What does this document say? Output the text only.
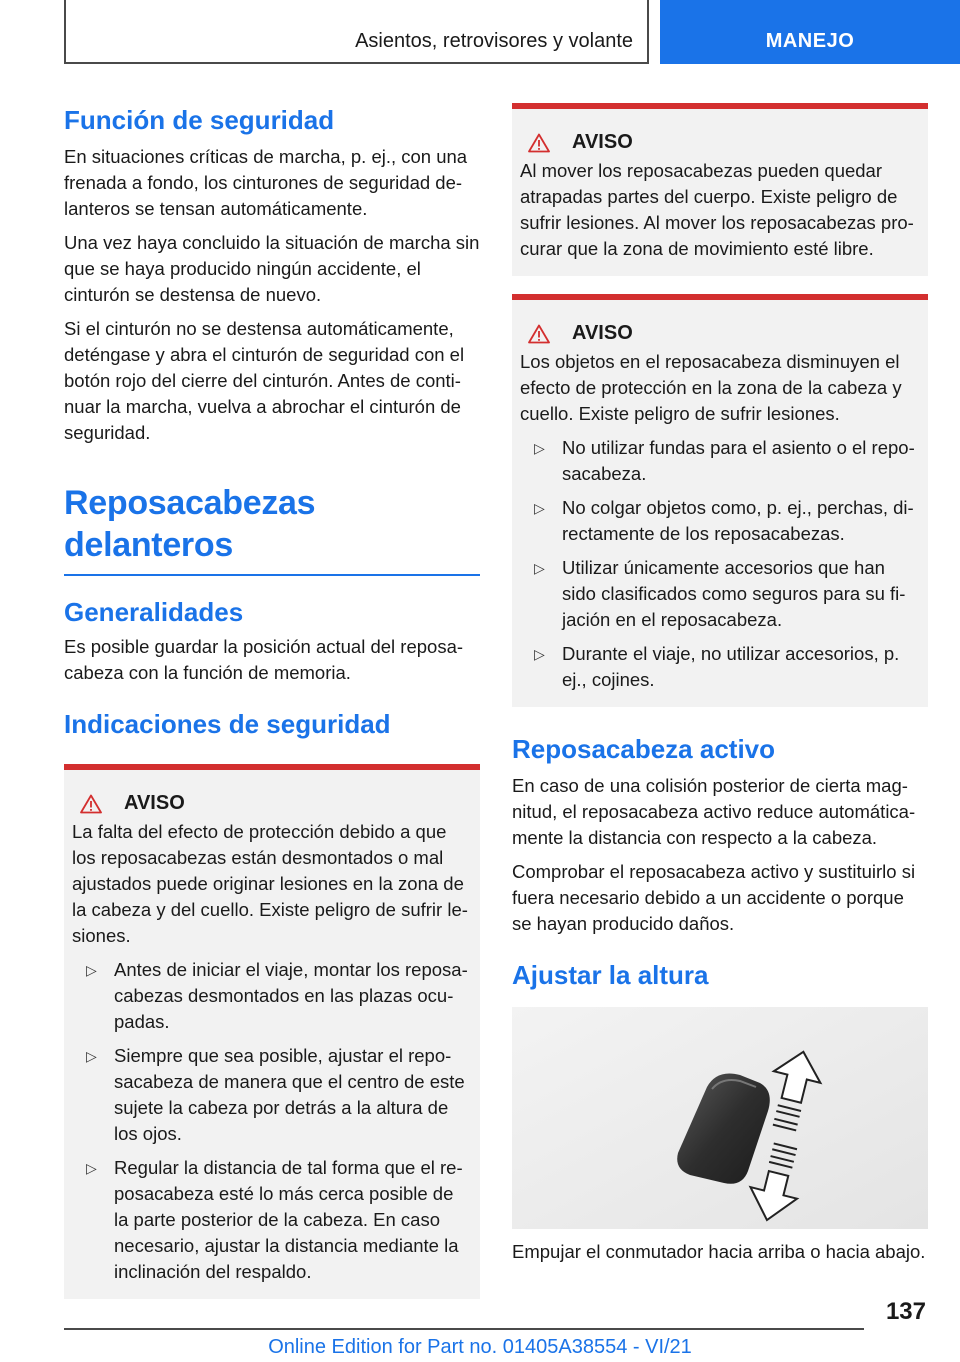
Asientos, retrovisores y volante	MANEJO
Función de seguridad

En situaciones críticas de marcha, p. ej., con una frenada a fondo, los cinturones de seguridad delanteros se tensan automáticamente.

Una vez haya concluido la situación de marcha sin que se haya producido ningún accidente, el cinturón se destensa de nuevo.

Si el cinturón no se destensa automáticamente, deténgase y abra el cinturón de seguridad con el botón rojo del cierre del cinturón. Antes de continuar la marcha, vuelva a abrochar el cinturón de seguridad.

Reposacabezas delanteros
Generalidades

Es posible guardar la posición actual del reposacabeza con la función de memoria.

Indicaciones de seguridad
AVISO

La falta del efecto de protección debido a que los reposacabezas están desmontados o mal ajustados puede originar lesiones en la zona de la cabeza y del cuello. Existe peligro de sufrir lesiones.

▷ Antes de iniciar el viaje, montar los reposacabezas desmontados en las plazas ocupadas.
▷ Siempre que sea posible, ajustar el reposacabeza de manera que el centro de este sujete la cabeza por detrás a la altura de los ojos.
▷ Regular la distancia de tal forma que el reposacabeza esté lo más cerca posible de la parte posterior de la cabeza. En caso necesario, ajustar la distancia mediante la inclinación del respaldo.
AVISO

Al mover los reposacabezas pueden quedar atrapadas partes del cuerpo. Existe peligro de sufrir lesiones. Al mover los reposacabezas procurar que la zona de movimiento esté libre.

AVISO

Los objetos en el reposacabeza disminuyen el efecto de protección en la zona de la cabeza y cuello. Existe peligro de sufrir lesiones.

▷ No utilizar fundas para el asiento o el reposacabeza.
▷ No colgar objetos como, p. ej., perchas, directamente de los reposacabezas.
▷ Utilizar únicamente accesorios que han sido clasificados como seguros para su fijación en el reposacabeza.
▷ Durante el viaje, no utilizar accesorios, p. ej., cojines.
Reposacabeza activo

En caso de una colisión posterior de cierta magnitud, el reposacabeza activo reduce automáticamente la distancia con respecto a la cabeza.

Comprobar el reposacabeza activo y sustituirlo si fuera necesario debido a un accidente o porque se hayan producido daños.

Ajustar la altura

Empujar el conmutador hacia arriba o hacia abajo.

137
Online Edition for Part no. 01405A38554 - VI/21
